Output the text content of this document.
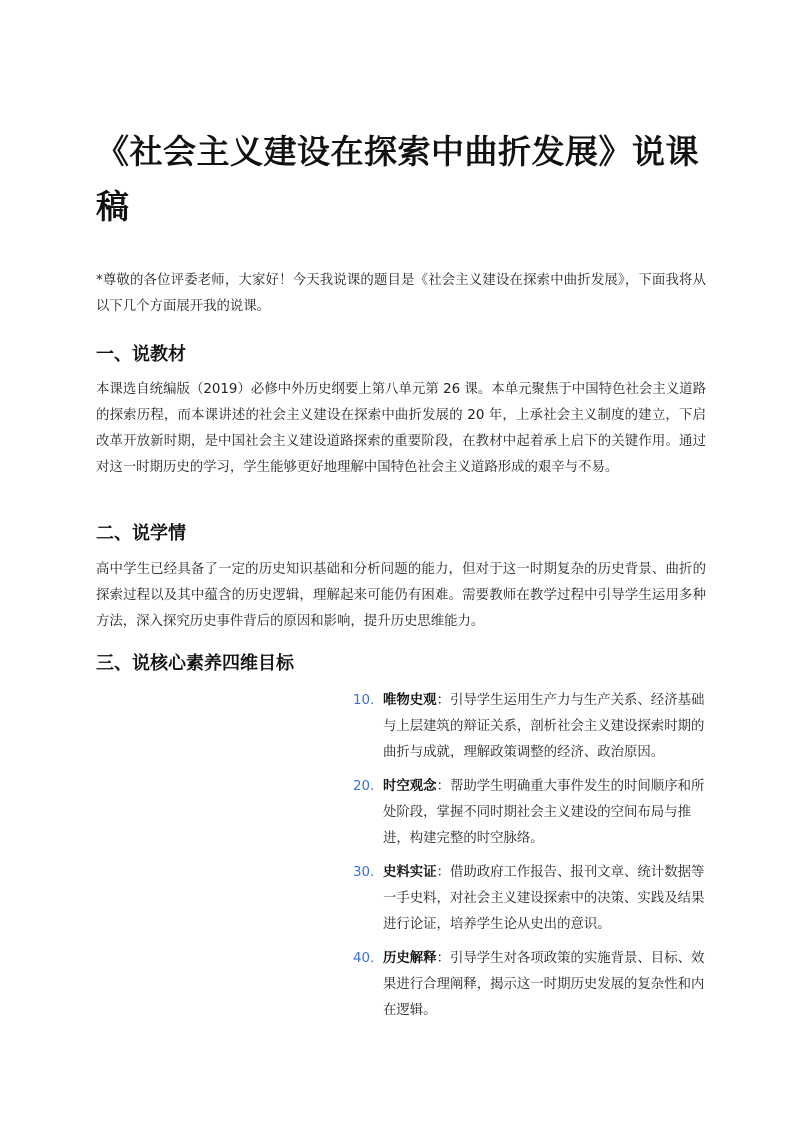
《社会主义建设在探索中曲折发展》说课稿

*尊敬的各位评委老师，大家好！今天我说课的题目是《社会主义建设在探索中曲折发展》，下面我将从以下几个方面展开我的说课。

一、说教材

本课选自统编版（2019）必修中外历史纲要上第八单元第 26 课。本单元聚焦于中国特色社会主义道路的探索历程，而本课讲述的社会主义建设在探索中曲折发展的 20 年，上承社会主义制度的建立，下启改革开放新时期，是中国社会主义建设道路探索的重要阶段，在教材中起着承上启下的关键作用。通过对这一时期历史的学习，学生能够更好地理解中国特色社会主义道路形成的艰辛与不易。

二、说学情

高中学生已经具备了一定的历史知识基础和分析问题的能力，但对于这一时期复杂的历史背景、曲折的探索过程以及其中蕴含的历史逻辑，理解起来可能仍有困难。需要教师在教学过程中引导学生运用多种方法，深入探究历史事件背后的原因和影响，提升历史思维能力。

三、说核心素养四维目标
10. 唯物史观：引导学生运用生产力与生产关系、经济基础与上层建筑的辩证关系，剖析社会主义建设探索时期的曲折与成就，理解政策调整的经济、政治原因。
20. 时空观念：帮助学生明确重大事件发生的时间顺序和所处阶段，掌握不同时期社会主义建设的空间布局与推进，构建完整的时空脉络。
30. 史料实证：借助政府工作报告、报刊文章、统计数据等一手史料，对社会主义建设探索中的决策、实践及结果进行论证，培养学生论从史出的意识。
40. 历史解释：引导学生对各项政策的实施背景、目标、效果进行合理阐释，揭示这一时期历史发展的复杂性和内在逻辑。
